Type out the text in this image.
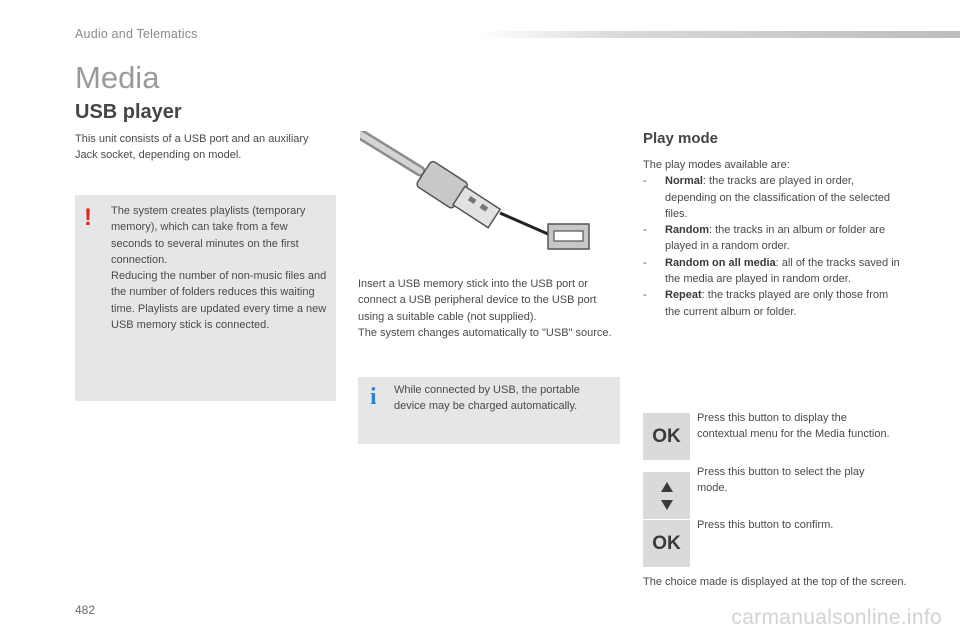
Audio and Telematics
Media
USB player
This unit consists of a USB port and an auxiliary Jack socket, depending on model.
! The system creates playlists (temporary memory), which can take from a few seconds to several minutes on the first connection.
Reducing the number of non-music files and the number of folders reduces this waiting time. Playlists are updated every time a new USB memory stick is connected.
Insert a USB memory stick into the USB port or connect a USB peripheral device to the USB port using a suitable cable (not supplied).
The system changes automatically to "USB" source.
i While connected by USB, the portable device may be charged automatically.
Play mode
The play modes available are:

- Normal: the tracks are played in order, depending on the classification of the selected files.

- Random: the tracks in an album or folder are played in a random order.

- Random on all media: all of the tracks saved in the media are played in random order.

- Repeat: the tracks played are only those from the current album or folder.

OK
Press this button to display the contextual menu for the Media function.
Press this button to select the play mode.
OK
Press this button to confirm.
The choice made is displayed at the top of the screen.
482	carmanualsonline.info
